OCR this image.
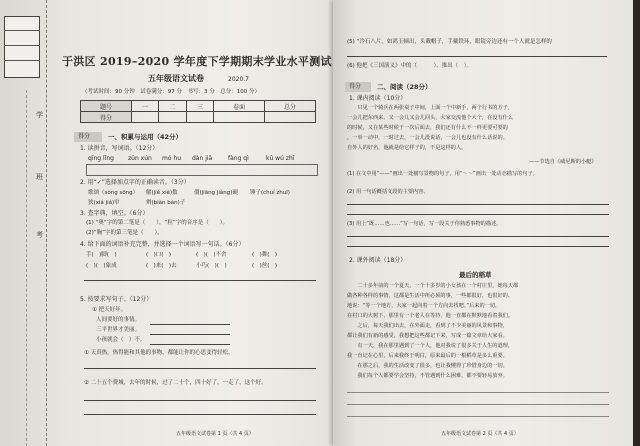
学
班
考
于洪区 2019–2020 学年度下学期期末学业水平测试
五年级语文试卷	2020.7
（考试时间：90 分钟　试卷满分：97 分　书写：3 分　总分：100 分）
题号	一	二	三	卷面	总分
得分					
得分	一、积累与运用（42分）
1. 读拼音，写词语。（12分）
qīng lǐng zūn xún mó hu dàn jiā	fàng qì	kū wú zhī
2. 用“✓”选择加点字的正确读音。（3分）
歌颂（sòng sōng） 解(jiě xiè)数	僵(jiāng jiǎng)硬 锤子(chuí zhuī)
狭(xiá jiá)窄	辫(biàn bàn)子
3. 查字典，填空。（6分）
(1) “奥”字的第二笔是（　　），“粒”字的音序是（　　）。
(2)“胸”字的第三笔是（　　）。
4. 给下面的词语补充完整，并选择一个词语写一句话。（6分）
手(　)脚(　)	(　)口(　)	(　)(　)不舍	(　)舞(　)
(　)(　)象成	(　)来(　)去	小巧(　)(　)	(　)丝(　)
5. 按要求写句子。（12分）
① 把天好年。
人间要好的事情。
三平世界才美丽。
小孩就会（　）不。
① 天真热，热得能和其他的事物，都能让你的心思变得轻松。
② 二十五个费城，去年的时候，过了二十个，四十好了，一走了，这个好。
五年级语文试卷第 1 页（共 4 页）
(5) “冷石八片，如鸿玉顿出，头戴帽子，手戴铁环，眼镜旁边还有一个人就是怎样的
(6) 他把《三国演义》中的（　　　）、推出（　）。
得分 二、阅读（28分）
1. 课内阅读（10分）
　　只见一个骑兵在两张桌子中间，上面一个中新手，两个行书的方子，
一会儿把东西来、又一会儿又会儿回头，大家交流他个大个，在没有什么
的时候，又在某些时候于一次后面去，我们还有什么不一样更要可要的
，一举一动中，一时过去，一会儿没说话，一会儿也没有什么话说的。
自外人的好名，他就是给它样子的，不是这样的人。
——节选自《威尼斯的小艇》
(1) 在文中用“——”画出一处描写景物的句子，用“～～”画出一处动态描写的句子。
(2) 用一句话概括文段的主要内容。
(3) 用上“既……也……”写一句话，写一段关于你熟悉事物的描述。
2. 课外阅读（18分）
最后的稻草
　　二十多年前的一个夏天，一个十多岁的小女孩在一个村庄里，她每天都
做各种各样的事情，这都是生活中所必须的事，一些都很好，也很好的。
地说：“等一个地方，大家一起向着一个方向去找吧。”后来的一切，
在村口的大树下，那里有一个老人在等待，他一直都在默默地看着我们。
　　之后，每天我们出去，在外面走，看到了不少美丽的风景和事物，
都让我们有新的感受，我想把这些都记下来，写成一篇文章给大家看。
　　有一天，我在那里遇到了一个人，他对我说了很多关于人生的道理，
我一直记在心里，后来我终于明白，原来最后的一根稻草是多么重要。
　　在那之后，我的生活改变了很多，也让我懂得了珍惜身边的一切。
　　我们每个人都要学会坚持，不管遇到什么困难，都不要轻易放弃。
五年级语文试卷第 2 页（共 4 页）
